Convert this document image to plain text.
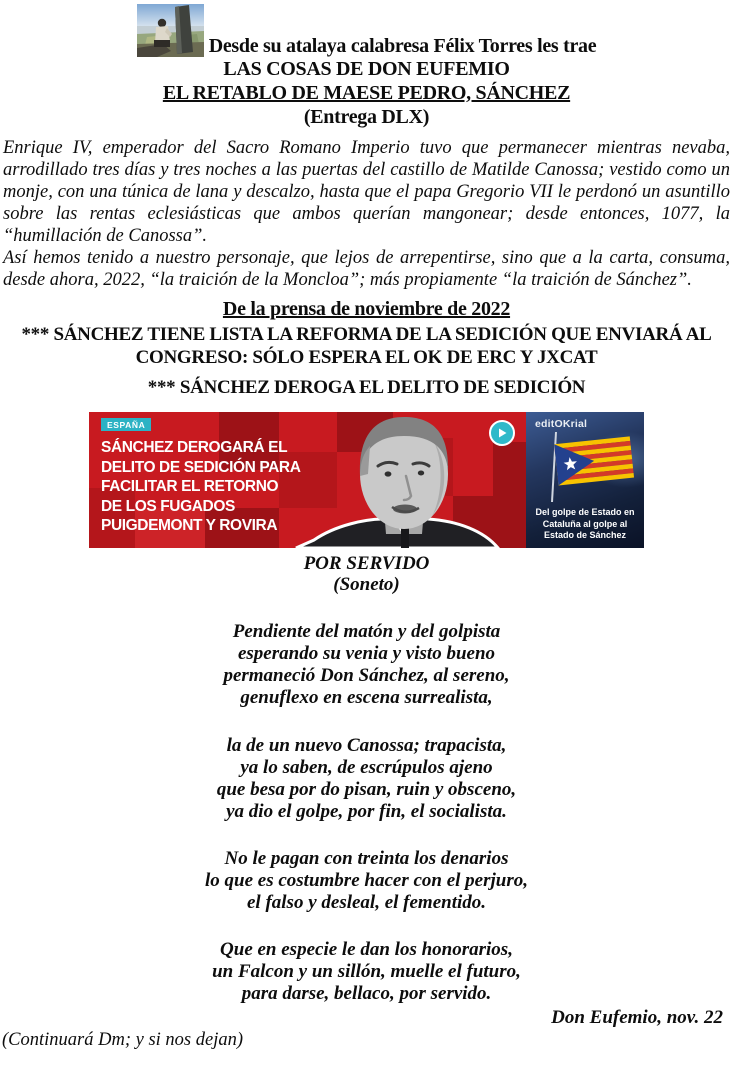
Desde su atalaya calabresa Félix Torres les trae
LAS COSAS DE DON EUFEMIO
EL RETABLO DE MAESE PEDRO, SÁNCHEZ
(Entrega DLX)

Enrique IV, emperador del Sacro Romano Imperio tuvo que permanecer mientras nevaba, arrodillado tres días y tres noches a las puertas del castillo de Matilde Canossa; vestido como un monje, con una túnica de lana y descalzo, hasta que el papa Gregorio VII le perdonó un asuntillo sobre las rentas eclesiásticas que ambos querían mangonear; desde entonces, 1077, la “humillación de Canossa”.

Así hemos tenido a nuestro personaje, que lejos de arrepentirse, sino que a la carta, consuma, desde ahora, 2022, “la traición de la Moncloa”; más propiamente “la traición de Sánchez”.

De la prensa de noviembre de 2022
*** SÁNCHEZ TIENE LISTA LA REFORMA DE LA SEDICIÓN QUE ENVIARÁ AL CONGRESO: SÓLO ESPERA EL OK DE ERC Y JXCAT
*** SÁNCHEZ DEROGA EL DELITO DE SEDICIÓN
ESPAÑA
SÁNCHEZ DEROGARÁ EL
DELITO DE SEDICIÓN PARA
FACILITAR EL RETORNO
DE LOS FUGADOS
PUIGDEMONT Y ROVIRA
editOKrial
Del golpe de Estado en Cataluña al golpe al Estado de Sánchez
POR SERVIDO
(Soneto)
Pendiente del matón y del golpista
esperando su venia y visto bueno
permaneció Don Sánchez, al sereno,
genuflexo en escena surrealista,
la de un nuevo Canossa; trapacista,
ya lo saben, de escrúpulos ajeno
que besa por do pisan, ruin y obsceno,
ya dio el golpe, por fin, el socialista.
No le pagan con treinta los denarios
lo que es costumbre hacer con el perjuro,
el falso y desleal, el fementido.
Que en especie le dan los honorarios,
un Falcon y un sillón, muelle el futuro,
para darse, bellaco, por servido.
Don Eufemio, nov. 22
(Continuará Dm; y si nos dejan)
